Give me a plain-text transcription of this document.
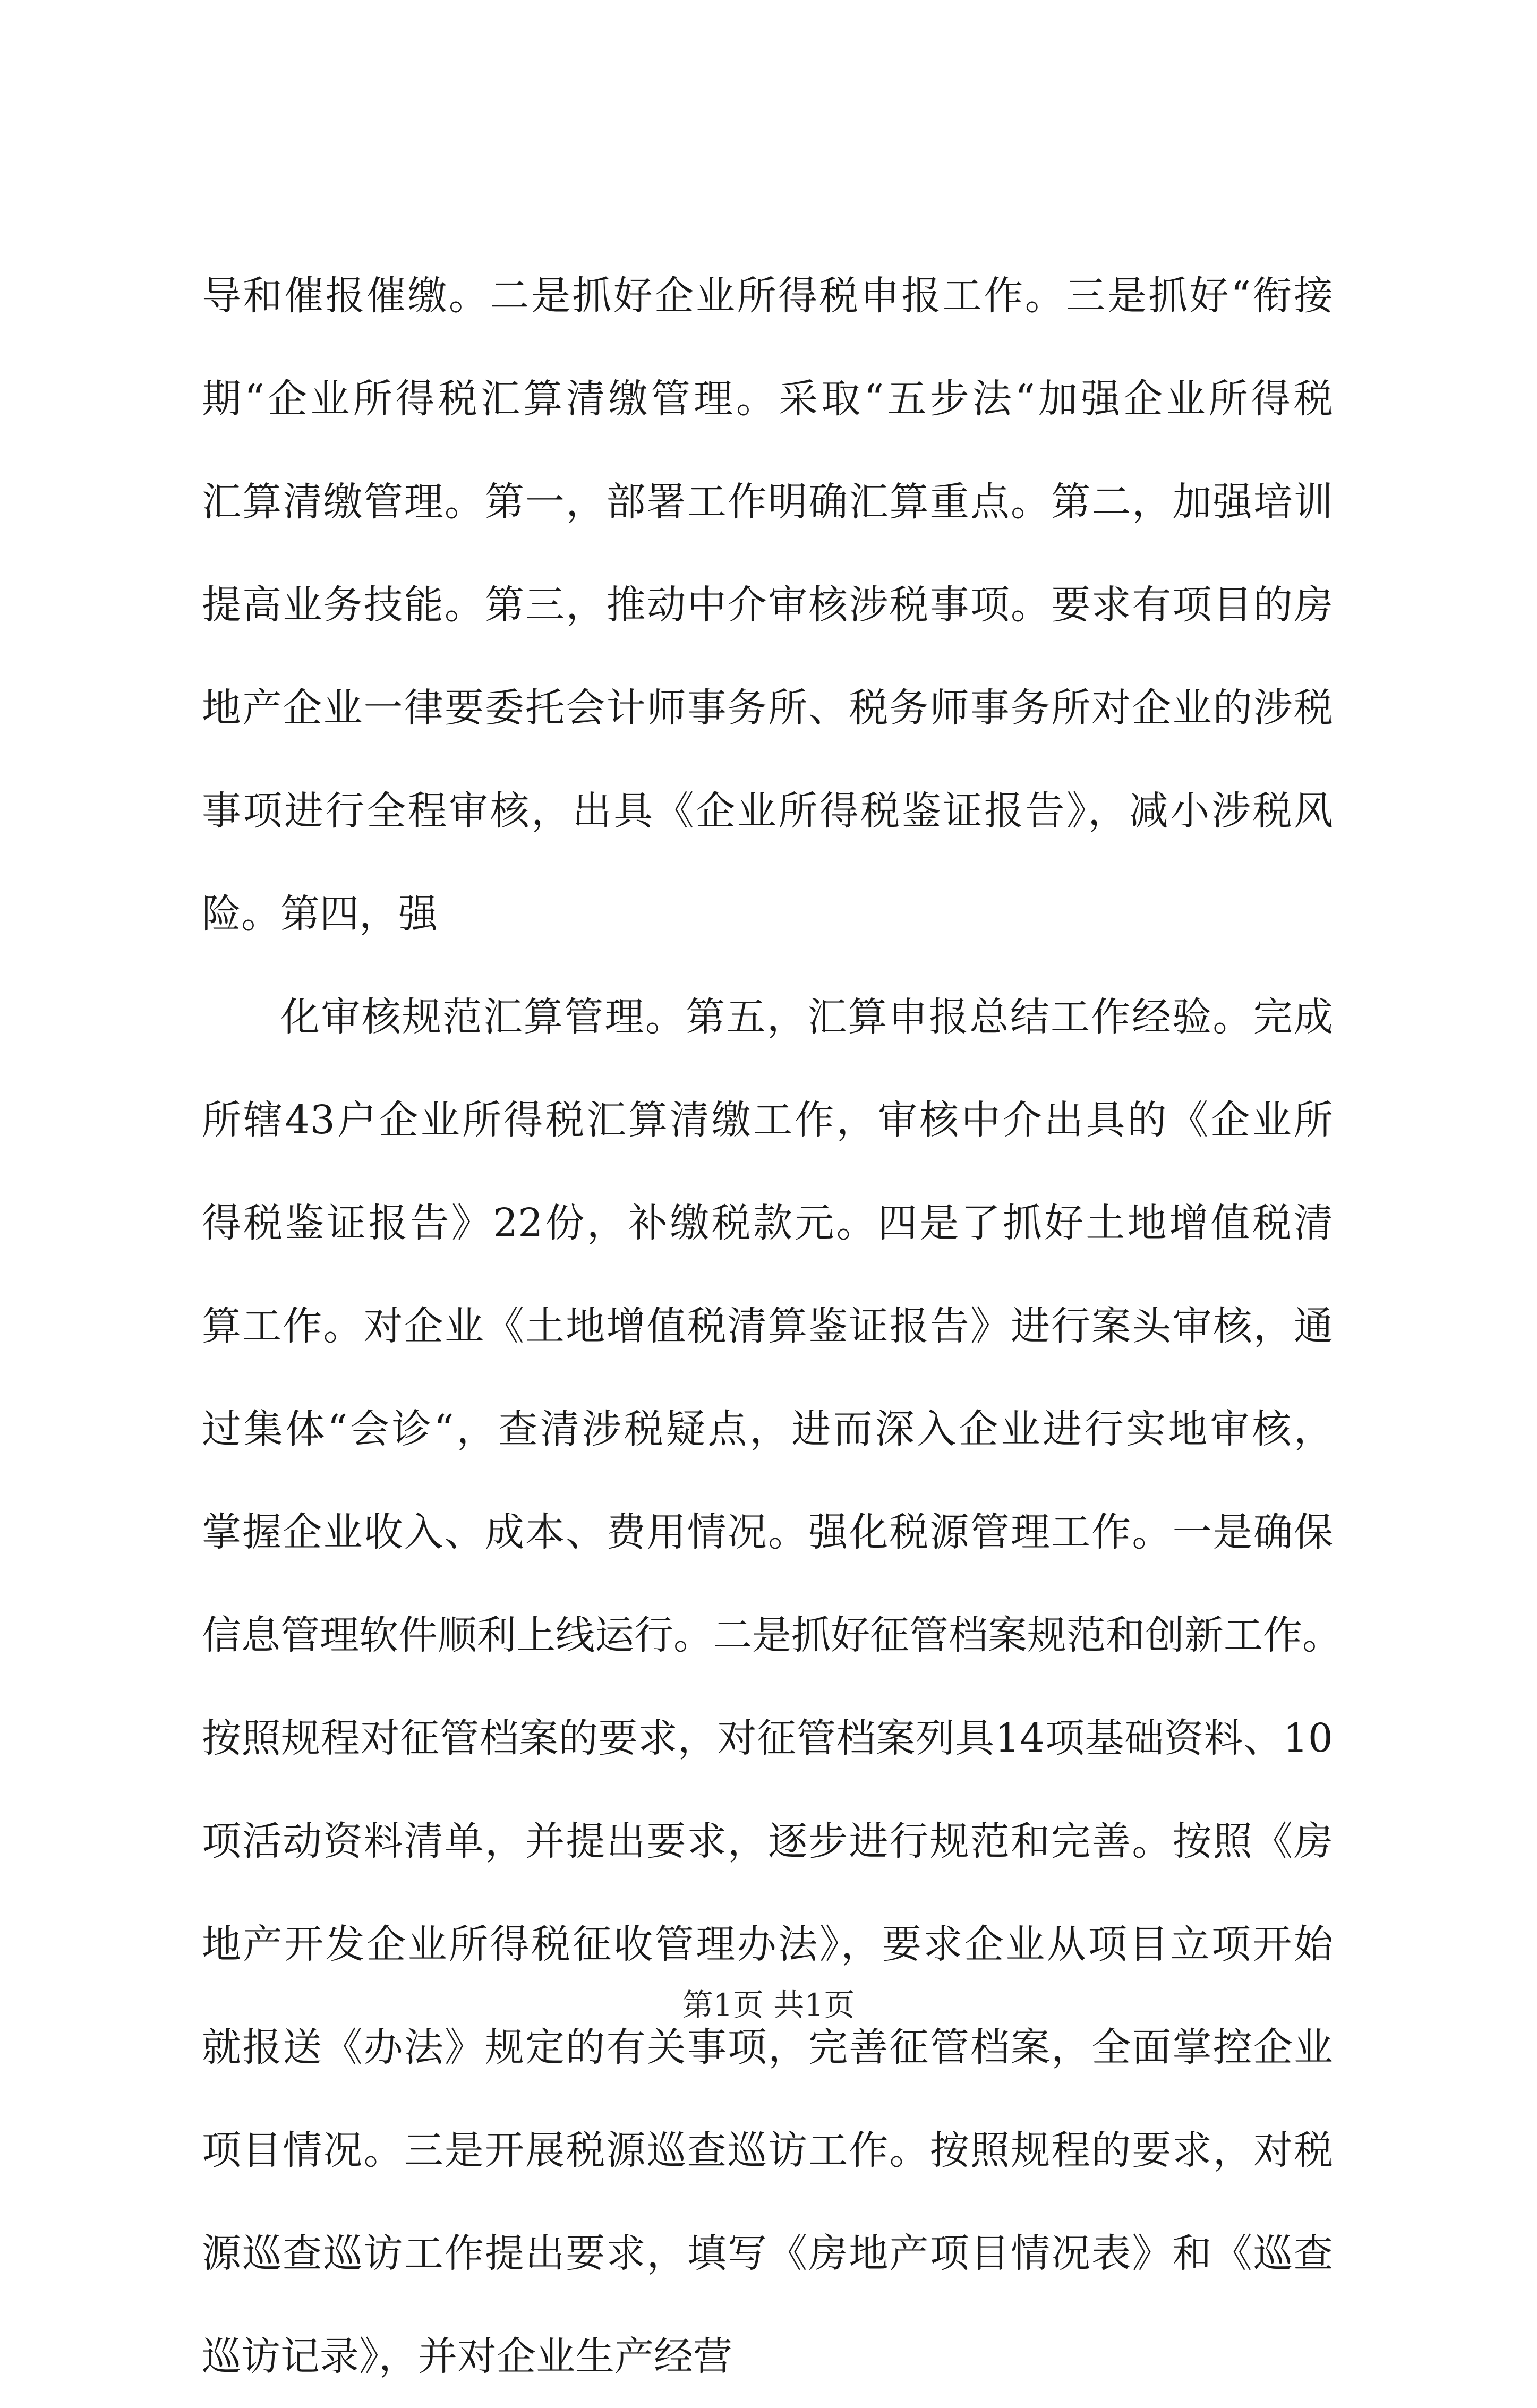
导和催报催缴。二是抓好企业所得税申报工作。三是抓好“衔接
期“企业所得税汇算清缴管理。采取“五步法“加强企业所得税
汇算清缴管理。第一，部署工作明确汇算重点。第二，加强培训
提高业务技能。第三，推动中介审核涉税事项。要求有项目的房
地产企业一律要委托会计师事务所、税务师事务所对企业的涉税
事项进行全程审核，出具《企业所得税鉴证报告》，减小涉税风
险。第四，强
化审核规范汇算管理。第五，汇算申报总结工作经验。完成
所辖43户企业所得税汇算清缴工作，审核中介出具的《企业所
得税鉴证报告》22份，补缴税款元。四是了抓好土地增值税清
算工作。对企业《土地增值税清算鉴证报告》进行案头审核，通
过集体“会诊“，查清涉税疑点，进而深入企业进行实地审核，
掌握企业收入、成本、费用情况。强化税源管理工作。一是确保
信息管理软件顺利上线运行。二是抓好征管档案规范和创新工作。
按照规程对征管档案的要求，对征管档案列具14项基础资料、10
项活动资料清单，并提出要求，逐步进行规范和完善。按照《房
地产开发企业所得税征收管理办法》，要求企业从项目立项开始
就报送《办法》规定的有关事项，完善征管档案，全面掌控企业
项目情况。三是开展税源巡查巡访工作。按照规程的要求，对税
源巡查巡访工作提出要求，填写《房地产项目情况表》和《巡查
巡访记录》，并对企业生产经营
第1页 共1页
